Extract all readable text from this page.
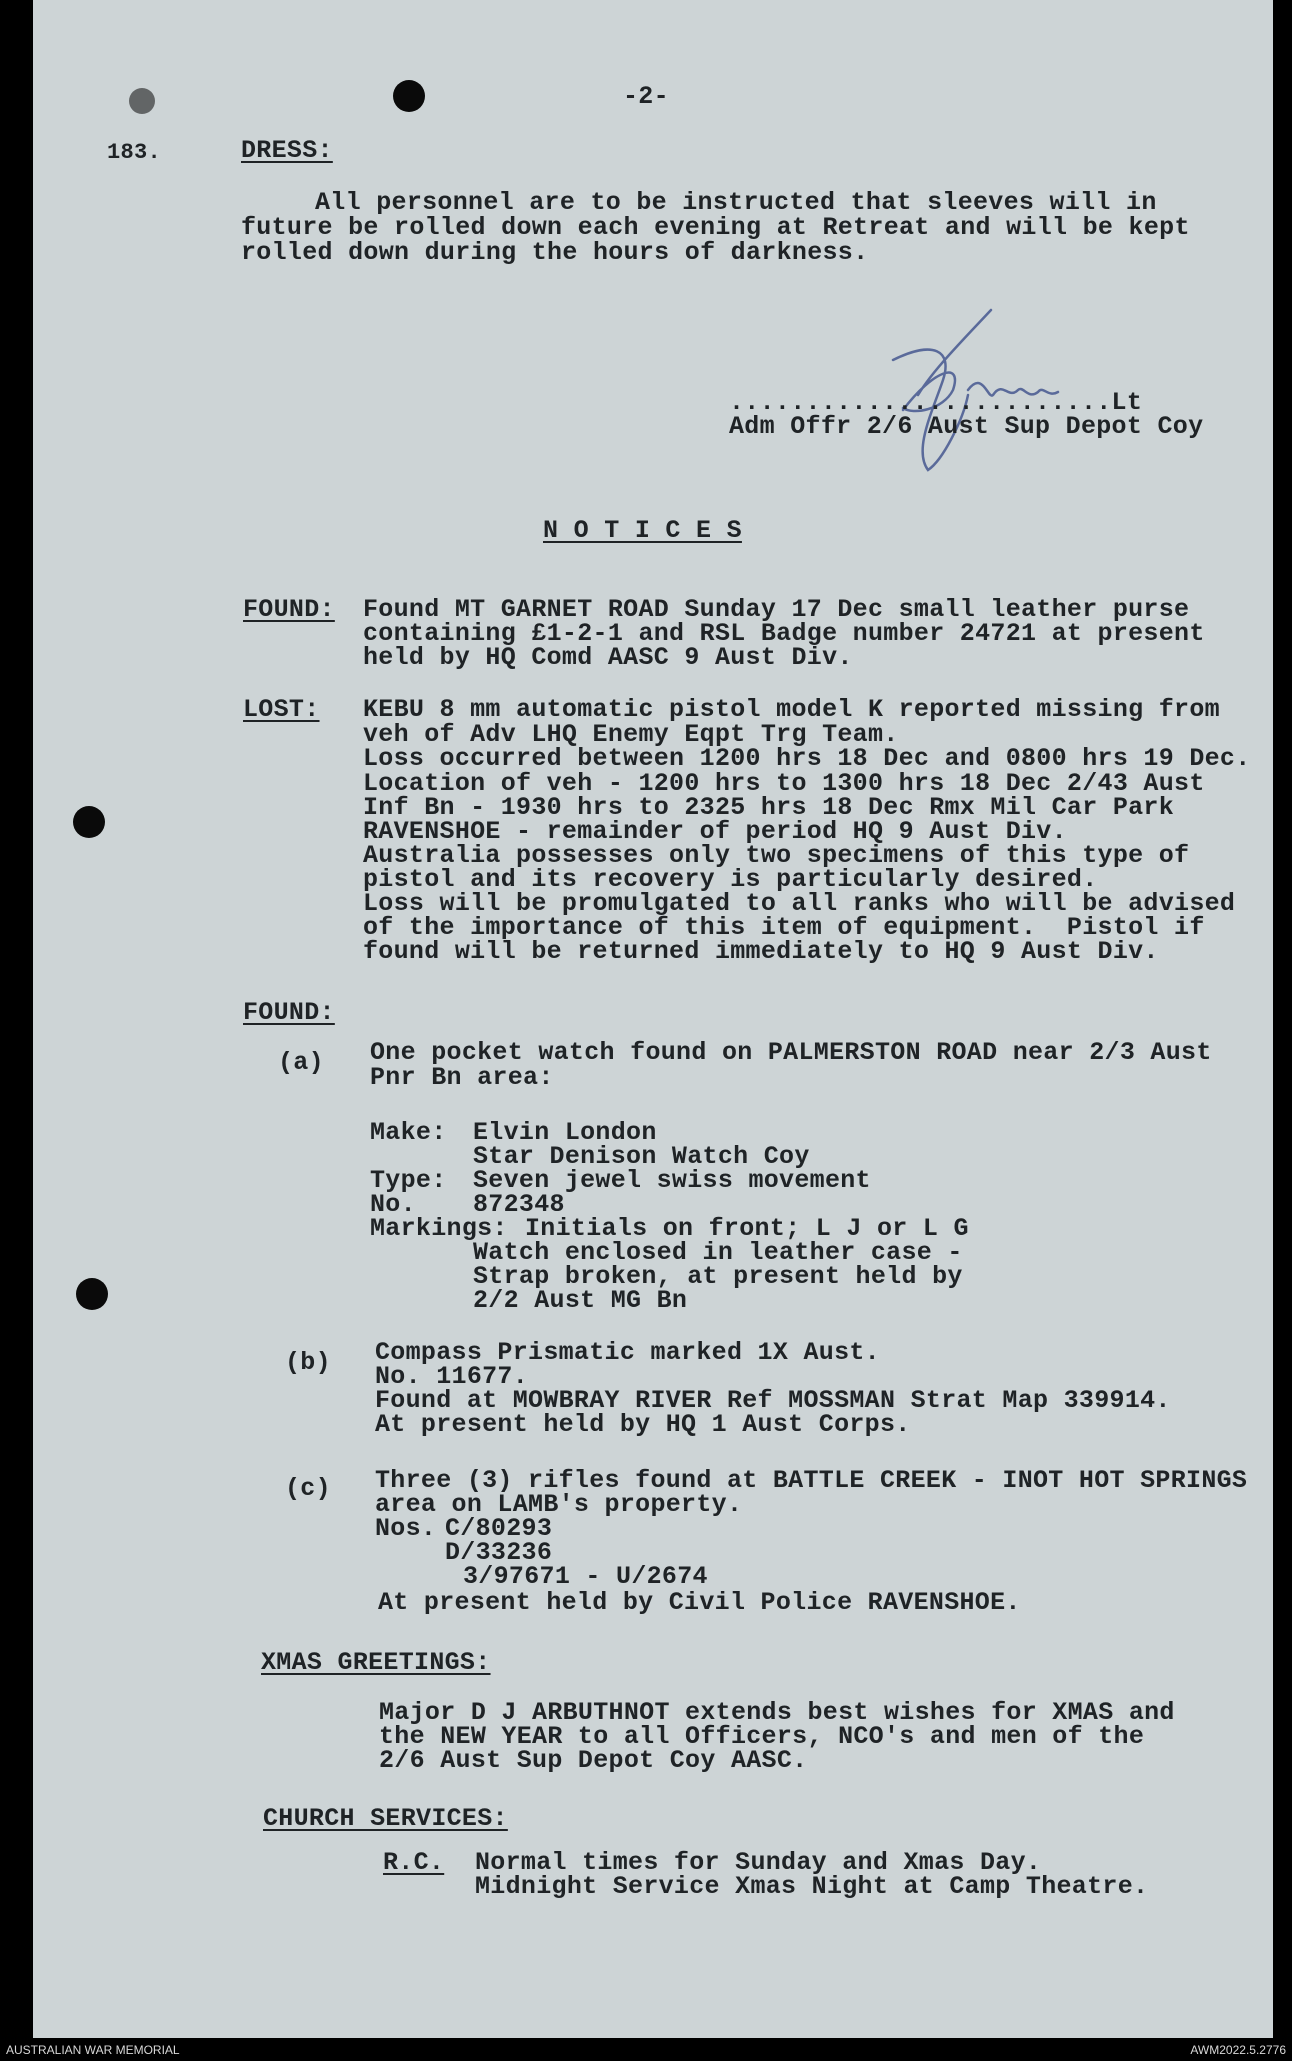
-2-
183.	DRESS:
All personnel are to be instructed that sleeves will in
future be rolled down each evening at Retreat and will be kept
rolled down during the hours of darkness.
.........................Lt
Adm Offr 2/6 Aust Sup Depot Coy
N O T I C E S
FOUND: Found MT GARNET ROAD Sunday 17 Dec small leather purse
containing £1-2-1 and RSL Badge number 24721 at present
held by HQ Comd AASC 9 Aust Div.
LOST: KEBU 8 mm automatic pistol model K reported missing from
veh of Adv LHQ Enemy Eqpt Trg Team.
Loss occurred between 1200 hrs 18 Dec and 0800 hrs 19 Dec.
Location of veh - 1200 hrs to 1300 hrs 18 Dec 2/43 Aust
Inf Bn - 1930 hrs to 2325 hrs 18 Dec Rmx Mil Car Park
RAVENSHOE - remainder of period HQ 9 Aust Div.
Australia possesses only two specimens of this type of
pistol and its recovery is particularly desired.
Loss will be promulgated to all ranks who will be advised
of the importance of this item of equipment.  Pistol if
found will be returned immediately to HQ 9 Aust Div.
FOUND:
(a) One pocket watch found on PALMERSTON ROAD near 2/3 Aust
Pnr Bn area:
Make: Elvin London
Star Denison Watch Coy
Type: Seven jewel swiss movement
No. 872348
Markings: Initials on front; L J or L G
Watch enclosed in leather case -
Strap broken, at present held by
2/2 Aust MG Bn
(b) Compass Prismatic marked 1X Aust.
No. 11677.
Found at MOWBRAY RIVER Ref MOSSMAN Strat Map 339914.
At present held by HQ 1 Aust Corps.
(c) Three (3) rifles found at BATTLE CREEK - INOT HOT SPRINGS
area on LAMB's property.
Nos. C/80293
D/33236
3/97671 - U/2674
At present held by Civil Police RAVENSHOE.
XMAS GREETINGS:
Major D J ARBUTHNOT extends best wishes for XMAS and
the NEW YEAR to all Officers, NCO's and men of the
2/6 Aust Sup Depot Coy AASC.
CHURCH SERVICES:
R.C. Normal times for Sunday and Xmas Day.
Midnight Service Xmas Night at Camp Theatre.
AUSTRALIAN WAR MEMORIAL	AWM2022.5.2776
